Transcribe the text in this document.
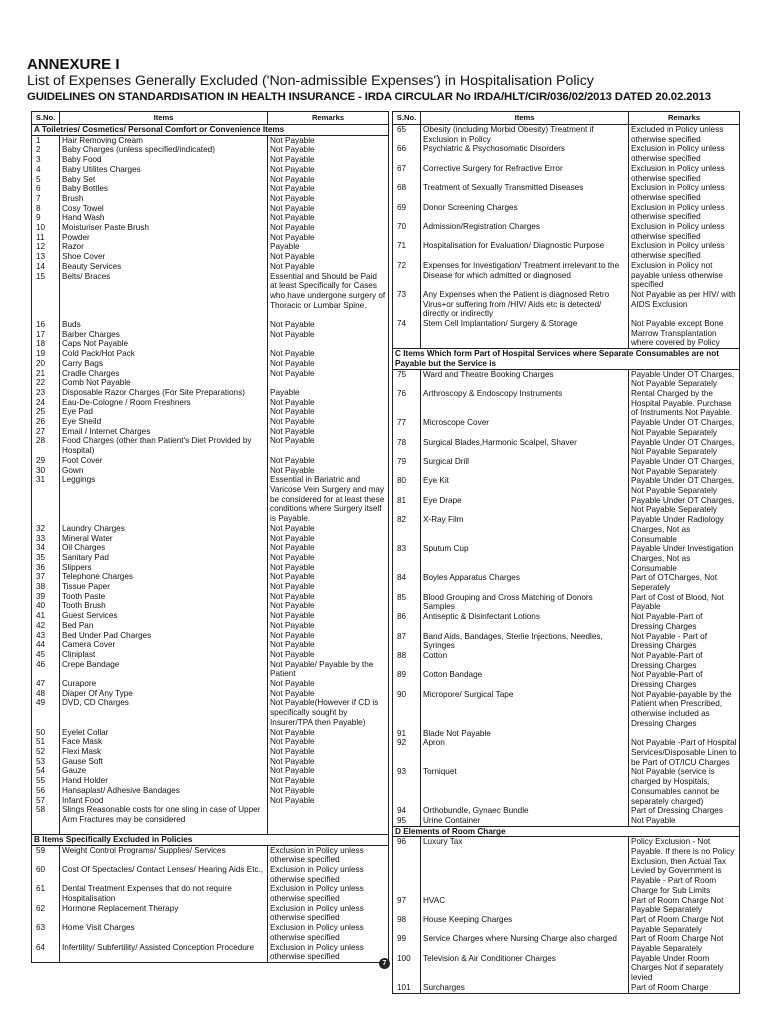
ANNEXURE I
List of Expenses Generally Excluded ('Non-admissible Expenses') in Hospitalisation Policy
GUIDELINES ON STANDARDISATION IN HEALTH INSURANCE - IRDA CIRCULAR No IRDA/HLT/CIR/036/02/2013 DATED 20.02.2013
S.No.	Items	Remarks
A Toiletries/ Cosmetics/ Personal Comfort or Convenience Items		
1	Hair Removing Cream	Not Payable
2	Baby Charges (unless specified/indicated)	Not Payable
3	Baby Food	Not Payable
4	Baby Utilites Charges	Not Payable
5	Baby Set	Not Payable
6	Baby Bottles	Not Payable
7	Brush	Not Payable
8	Cosy Towel	Not Payable
9	Hand Wash	Not Payable
10	Moisturiser Paste Brush	Not Payable
11	Powder	Not Payable
12	Razor	Payable
13	Shoe Cover	Not Payable
14	Beauty Services	Not Payable
15	Belts/ Braces	Essential and Should be Paid at least Specifically for Cases who have undergone surgery of Thoracic or Lumbar Spine.
16	Buds	Not Payable
17	Barber Charges	Not Payable
18	Caps Not Payable	
19	Cold Pack/Hot Pack	Not Payable
20	Carry Bags	Not Payable
21	Cradle Charges	Not Payable
22	Comb Not Payable	
23	Disposable Razor Charges (For Site Preparations)	Payable
24	Eau-De-Cologne / Room Freshners	Not Payable
25	Eye Pad	Not Payable
26	Eye Sheild	Not Payable
27	Email / Internet Charges	Not Payable
28	Food Charges (other than Patient's Diet Provided by Hospital)	Not Payable
29	Foot Cover	Not Payable
30	Gown	Not Payable
31	Leggings	Essential in Bariatric and Varicose Vein Surgery and may be considered for at least these conditions where Surgery itself is Payable.
32	Laundry Charges	Not Payable
33	Mineral Water	Not Payable
34	Oil Charges	Not Payable
35	Sanitary Pad	Not Payable
36	Slippers	Not Payable
37	Telephone Charges	Not Payable
38	Tissue Paper	Not Payable
39	Tooth Paste	Not Payable
40	Tooth Brush	Not Payable
41	Guest Services	Not Payable
42	Bed Pan	Not Payable
43	Bed Under Pad Charges	Not Payable
44	Camera Cover	Not Payable
45	Cliniplast	Not Payable
46	Crepe Bandage	Not Payable/ Payable by the Patient
47	Curapore	Not Payable
48	Diaper Of Any Type	Not Payable
49	DVD, CD Charges	Not Payable(However if CD is specifically sought by Insurer/TPA then Payable)
50	Eyelet Collar	Not Payable
51	Face Mask	Not Payable
52	Flexi Mask	Not Payable
53	Gause Soft	Not Payable
54	Gauze	Not Payable
55	Hand Holder	Not Payable
56	Hansaplast/ Adhesive Bandages	Not Payable
57	Infant Food	Not Payable
58	Slings Reasonable costs for one sling in case of Upper Arm Fractures may be considered	
B Items Specifically Excluded in Policies		
59	Weight Control Programs/ Supplies/ Services	Exclusion in Policy unless otherwise specified
60	Cost Of Spectacles/ Contact Lenses/ Hearing Aids Etc.,	Exclusion in Policy unless otherwise specified
61	Dental Treatment Expenses that do not require Hospitalisation	Exclusion in Policy unless otherwise specified
62	Hormone Replacement Therapy	Exclusion in Policy unless otherwise specified
63	Home Visit Charges	Exclusion in Policy unless otherwise specified
64	Infertility/ Subfertility/ Assisted Conception Procedure	Exclusion in Policy unless otherwise specified
S.No.	Items	Remarks
65	Obesity (including Morbid Obesity) Treatment if Exclusion in Policy	Excluded in Policy unless otherwise specified
66	Psychiatric & Psychosomatic Disorders	Exclusion in Policy unless otherwise specified
67	Corrective Surgery for Refractive Error	Exclusion in Policy unless otherwise specified
68	Treatment of Sexually Transmitted Diseases	Exclusion in Policy unless otherwise specified
69	Donor Screening Charges	Exclusion in Policy unless otherwise specified
70	Admission/Registration Charges	Exclusion in Policy unless otherwise specified
71	Hospitalisation for Evaluation/ Diagnostic Purpose	Exclusion in Policy unless otherwise specified
72	Expenses for Investigation/ Treatment irrelevant to the Disease for which admitted or diagnosed	Exclusion in Policy not payable unless otherwise specified
73	Any Expenses when the Patient is diagnosed Retro Virus+or suffering from /HIV/ Aids etc is detected/ directly or indirectly	Not Payable as per HIV/ with AIDS Exclusion
74	Stem Cell Implantation/ Surgery & Storage	Not Payable except Bone Marrow Transplantation where covered by Policy
C Items Which form Part of Hospital Services where Separate Consumables are not Payable but the Service is		
75	Ward and Theatre Booking Charges	Payable Under OT Charges, Not Payable Separately
76	Arthroscopy & Endoscopy Instruments	Rental Charged by the Hospital Payable. Purchase of Instruments Not Payable.
77	Microscope Cover	Payable Under OT Charges, Not Payable Separately
78	Surgical Blades,Harmonic Scalpel, Shaver	Payable Under OT Charges, Not Payable Separately
79	Surgical Drill	Payable Under OT Charges, Not Payable Separately
80	Eye Kit	Payable Under OT Charges, Not Payable Separately
81	Eye Drape	Payable Under OT Charges, Not Payable Separately
82	X-Ray Film	Payable Under Radiology Charges, Not as Consumable
83	Sputum Cup	Payable Under Investigation Charges, Not as Consumable
84	Boyles Apparatus Charges	Part of OTCharges, Not Seperately
85	Blood Grouping and Cross Matching of Donors Samples	Part of Cost of Blood, Not Payable
86	Antiseptic & Disinfectant Lotions	Not Payable-Part of Dressing Charges
87	Band Aids, Bandages, Sterlie Injections, Needles, Syringes	Not Payable - Part of Dressing Charges
88	Cotton	Not Payable-Part of Dressing Charges
89	Cotton Bandage	Not Payable-Part of Dressing Charges
90	Micropore/ Surgical Tape	Not Payable-payable by the Patient when Prescribed, otherwise included as Dressing Charges
91	Blade Not Payable	
92	Apron	Not Payable -Part of Hospital Services/Disposable Linen to be Part of OT/ICU Charges
93	Torniquet	Not Payable (service is charged by Hospitals, Consumables cannot be separately charged)
94	Orthobundle, Gynaec Bundle	Part of Dressing Charges
95	Urine Container	Not Payable
D Elements of Room Charge		
96	Luxury Tax	Policy Exclusion - Not Payable. If there is no Policy Exclusion, then Actual Tax Levied by Government is Payable - Part of Room Charge for Sub Limits
97	HVAC	Part of Room Charge Not Payable Separately
98	House Keeping Charges	Part of Room Charge Not Payable Separately
99	Service Charges where Nursing Charge also charged	Part of Room Charge Not Payable Separately
100	Television & Air Conditioner Charges	Payable Under Room Charges Not if separately levied
101	Surcharges	Part of Room Charge
7
